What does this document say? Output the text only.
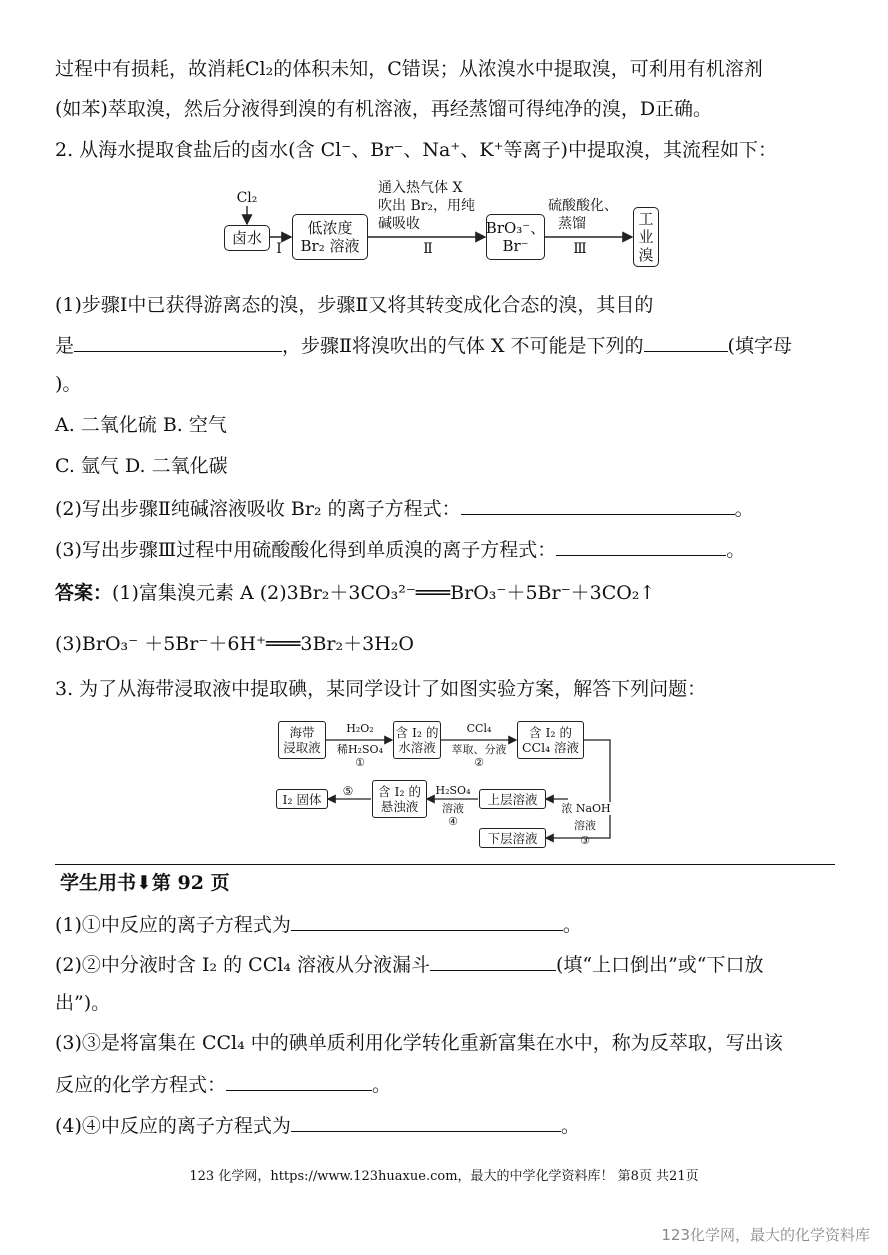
过程中有损耗，故消耗Cl₂的体积未知，C错误；从浓溴水中提取溴，可利用有机溶剂
(如苯)萃取溴，然后分液得到溴的有机溶液，再经蒸馏可得纯净的溴，D正确。
2. 从海水提取食盐后的卤水(含 Cl⁻、Br⁻、Na⁺、K⁺等离子)中提取溴，其流程如下：
Cl₂
卤水
Ⅰ
低浓度
Br₂ 溶液
通入热气体 X
吹出 Br₂，用纯
碱吸收
Ⅱ
BrO₃⁻、
Br⁻
硫酸酸化、
蒸馏
Ⅲ
工
业
溴
(1)步骤Ⅰ中已获得游离态的溴，步骤Ⅱ又将其转变成化合态的溴，其目的
是	，步骤Ⅱ将溴吹出的气体 X 不可能是下列的	(填字母
)。
A. 二氧化硫 B. 空气
C. 氩气 D. 二氧化碳
(2)写出步骤Ⅱ纯碱溶液吸收 Br₂ 的离子方程式：	。
(3)写出步骤Ⅲ过程中用硫酸酸化得到单质溴的离子方程式：	。
答案：(1)富集溴元素 A (2)3Br₂＋3CO₃²⁻═══BrO₃⁻＋5Br⁻＋3CO₂↑
(3)BrO₃⁻ ＋5Br⁻＋6H⁺═══3Br₂＋3H₂O
3. 为了从海带浸取液中提取碘，某同学设计了如图实验方案，解答下列问题：
海带
浸取液
H₂O₂
稀H₂SO₄
①
含 I₂ 的
水溶液
CCl₄
萃取、分液
②
含 I₂ 的
CCl₄ 溶液
浓 NaOH
溶液
③
上层溶液
下层溶液
H₂SO₄
溶液
④
含 I₂ 的
悬浊液
⑤
I₂ 固体
学生用书⬇第 92 页
(1)①中反应的离子方程式为	。
(2)②中分液时含 I₂ 的 CCl₄ 溶液从分液漏斗	(填“上口倒出”或“下口放
出”)。
(3)③是将富集在 CCl₄ 中的碘单质利用化学转化重新富集在水中，称为反萃取，写出该
反应的化学方程式：	。
(4)④中反应的离子方程式为	。
123 化学网，https://www.123huaxue.com，最大的中学化学资料库！ 第8页 共21页
123化学网，最大的化学资料库
